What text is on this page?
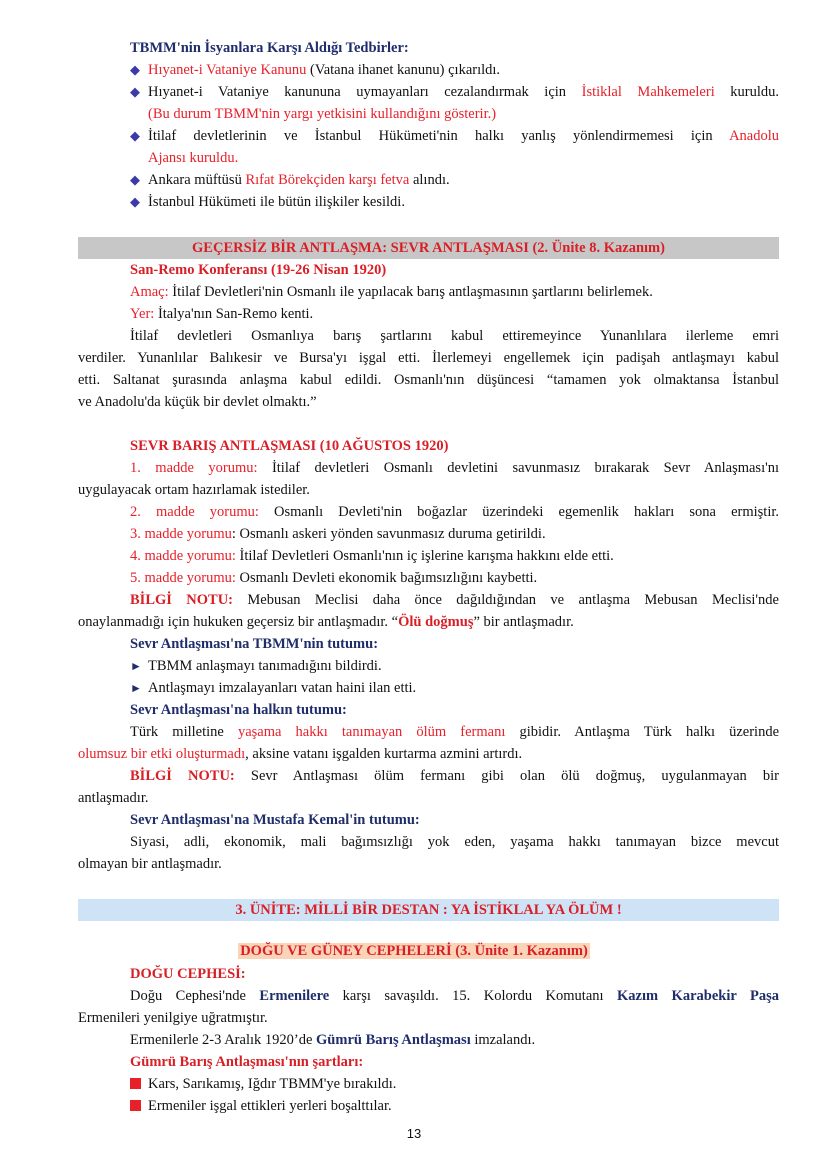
TBMM'nin İsyanlara Karşı Aldığı Tedbirler:
◆ Hıyanet-i Vataniye Kanunu (Vatana ihanet kanunu) çıkarıldı.
◆ Hıyanet-i Vataniye kanununa uymayanları cezalandırmak için İstiklal Mahkemeleri kuruldu.
(Bu durum TBMM'nin yargı yetkisini kullandığını gösterir.)
◆ İtilaf devletlerinin ve İstanbul Hükümeti'nin halkı yanlış yönlendirmemesi için Anadolu
Ajansı kuruldu.
◆ Ankara müftüsü Rıfat Börekçiden karşı fetva alındı.
◆ İstanbul Hükümeti ile bütün ilişkiler kesildi.
GEÇERSİZ BİR ANTLAŞMA: SEVR ANTLAŞMASI (2. Ünite 8. Kazanım)
San-Remo Konferansı (19-26 Nisan 1920)
Amaç: İtilaf Devletleri'nin Osmanlı ile yapılacak barış antlaşmasının şartlarını belirlemek.
Yer: İtalya'nın San-Remo kenti.
İtilaf devletleri Osmanlıya barış şartlarını kabul ettiremeyince Yunanlılara ilerleme emri
verdiler. Yunanlılar Balıkesir ve Bursa'yı işgal etti. İlerlemeyi engellemek için padişah antlaşmayı kabul
etti. Saltanat şurasında anlaşma kabul edildi. Osmanlı'nın düşüncesi “tamamen yok olmaktansa İstanbul
ve Anadolu'da küçük bir devlet olmaktı.”
SEVR BARIŞ ANTLAŞMASI (10 AĞUSTOS 1920)
1. madde yorumu: İtilaf devletleri Osmanlı devletini savunmasız bırakarak Sevr Anlaşması'nı
uygulayacak ortam hazırlamak istediler.
2. madde yorumu: Osmanlı Devleti'nin boğazlar üzerindeki egemenlik hakları sona ermiştir.
3. madde yorumu: Osmanlı askeri yönden savunmasız duruma getirildi.
4. madde yorumu: İtilaf Devletleri Osmanlı'nın iç işlerine karışma hakkını elde etti.
5. madde yorumu: Osmanlı Devleti ekonomik bağımsızlığını kaybetti.
BİLGİ NOTU: Mebusan Meclisi daha önce dağıldığından ve antlaşma Mebusan Meclisi'nde
onaylanmadığı için hukuken geçersiz bir antlaşmadır. “Ölü doğmuş” bir antlaşmadır.
Sevr Antlaşması'na TBMM'nin tutumu:
► TBMM anlaşmayı tanımadığını bildirdi.
► Antlaşmayı imzalayanları vatan haini ilan etti.
Sevr Antlaşması'na halkın tutumu:
Türk milletine yaşama hakkı tanımayan ölüm fermanı gibidir. Antlaşma Türk halkı üzerinde
olumsuz bir etki oluşturmadı, aksine vatanı işgalden kurtarma azmini artırdı.
BİLGİ NOTU: Sevr Antlaşması ölüm fermanı gibi olan ölü doğmuş, uygulanmayan bir
antlaşmadır.
Sevr Antlaşması'na Mustafa Kemal'in tutumu:
Siyasi, adli, ekonomik, mali bağımsızlığı yok eden, yaşama hakkı tanımayan bizce mevcut
olmayan bir antlaşmadır.
3. ÜNİTE: MİLLİ BİR DESTAN : YA İSTİKLAL YA ÖLÜM !
DOĞU VE GÜNEY CEPHELERİ (3. Ünite 1. Kazanım)
DOĞU CEPHESİ:
Doğu Cephesi'nde Ermenilere karşı savaşıldı. 15. Kolordu Komutanı Kazım Karabekir Paşa
Ermenileri yenilgiye uğratmıştır.
Ermenilerle 2-3 Aralık 1920’de Gümrü Barış Antlaşması imzalandı.
Gümrü Barış Antlaşması'nın şartları:
Kars, Sarıkamış, Iğdır TBMM'ye bırakıldı.
Ermeniler işgal ettikleri yerleri boşalttılar.
13
